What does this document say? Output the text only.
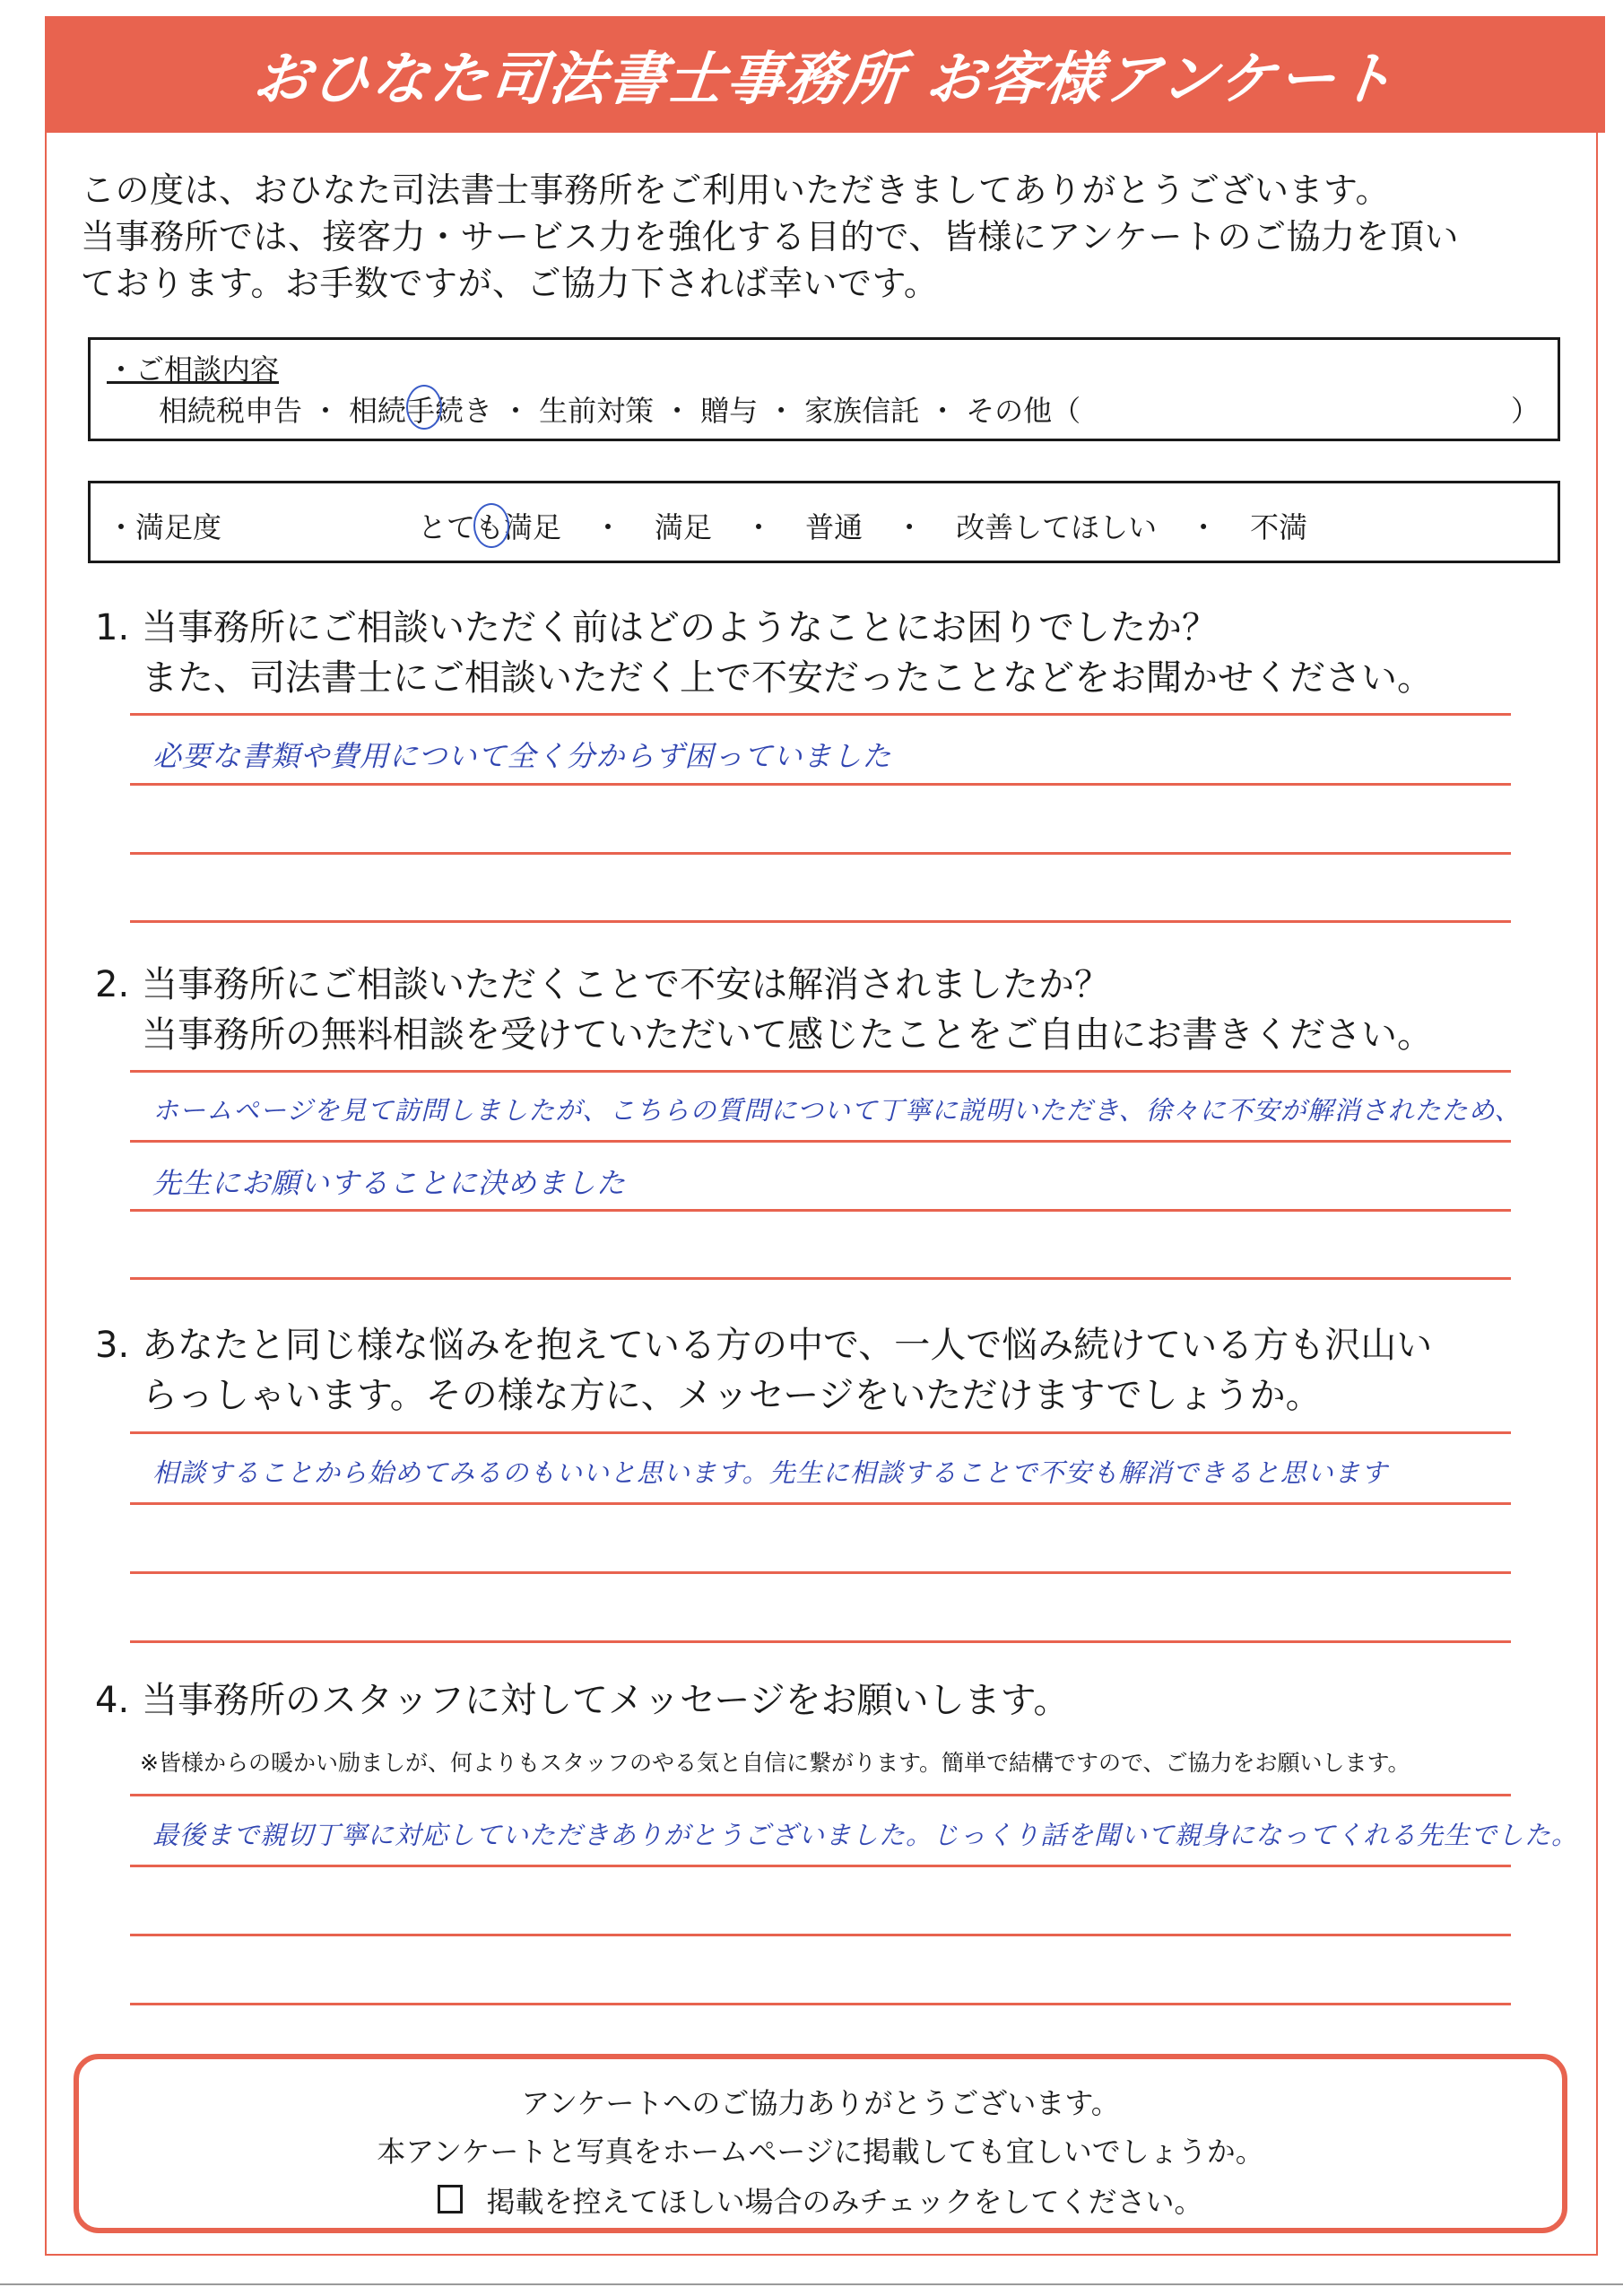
おひなた司法書士事務所 お客様アンケート

この度は、おひなた司法書士事務所をご利用いただきましてありがとうございます。

当事務所では、接客力・サービス力を強化する目的で、皆様にアンケートのご協力を頂い

ております。お手数ですが、ご協力下されば幸いです。

・ご相談内容
相続税申告 ・ 相続手続き ・ 生前対策 ・ 贈与 ・ 家族信託 ・ その他（	）
・満足度	とても満足 ・ 満足 ・ 普通 ・ 改善してほしい ・ 不満
1. 当事務所にご相談いただく前はどのようなことにお困りでしたか？
また、司法書士にご相談いただく上で不安だったことなどをお聞かせください。
必要な書類や費用について全く分からず困っていました
2. 当事務所にご相談いただくことで不安は解消されましたか？
当事務所の無料相談を受けていただいて感じたことをご自由にお書きください。
ホームページを見て訪問しましたが、こちらの質問について丁寧に説明いただき、徐々に不安が解消されたため、
先生にお願いすることに決めました
3. あなたと同じ様な悩みを抱えている方の中で、一人で悩み続けている方も沢山い
らっしゃいます。その様な方に、メッセージをいただけますでしょうか。
相談することから始めてみるのもいいと思います。先生に相談することで不安も解消できると思います
4. 当事務所のスタッフに対してメッセージをお願いします。
※皆様からの暖かい励ましが、何よりもスタッフのやる気と自信に繋がります。簡単で結構ですので、ご協力をお願いします。
最後まで親切丁寧に対応していただきありがとうございました。じっくり話を聞いて親身になってくれる先生でした。
アンケートへのご協力ありがとうございます。
本アンケートと写真をホームページに掲載しても宜しいでしょうか。
掲載を控えてほしい場合のみチェックをしてください。
